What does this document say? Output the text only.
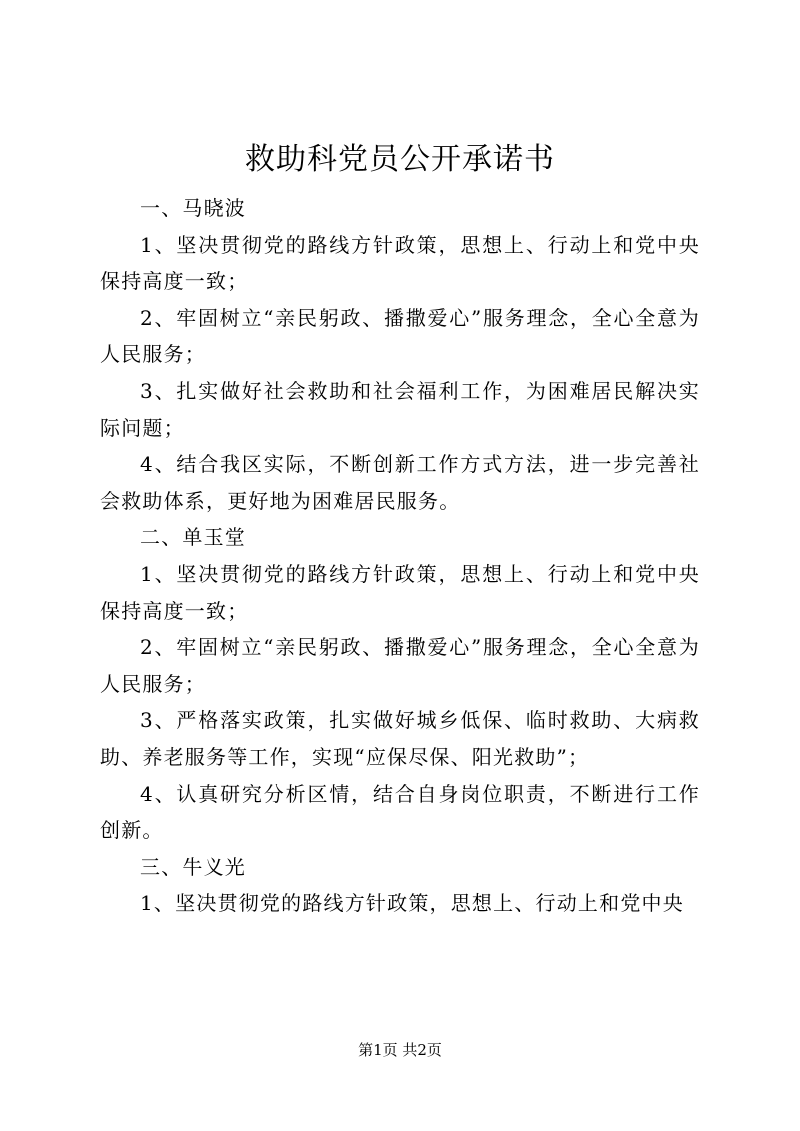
救助科党员公开承诺书

一、马晓波

1、坚决贯彻党的路线方针政策，思想上、行动上和党中央保持高度一致；

2、牢固树立“亲民躬政、播撒爱心”服务理念，全心全意为人民服务；

3、扎实做好社会救助和社会福利工作，为困难居民解决实际问题；

4、结合我区实际，不断创新工作方式方法，进一步完善社会救助体系，更好地为困难居民服务。

二、单玉堂

1、坚决贯彻党的路线方针政策，思想上、行动上和党中央保持高度一致；

2、牢固树立“亲民躬政、播撒爱心”服务理念，全心全意为人民服务；

3、严格落实政策，扎实做好城乡低保、临时救助、大病救助、养老服务等工作，实现“应保尽保、阳光救助”；

4、认真研究分析区情，结合自身岗位职责，不断进行工作创新。

三、牛义光

1、坚决贯彻党的路线方针政策，思想上、行动上和党中央

第1页 共2页
